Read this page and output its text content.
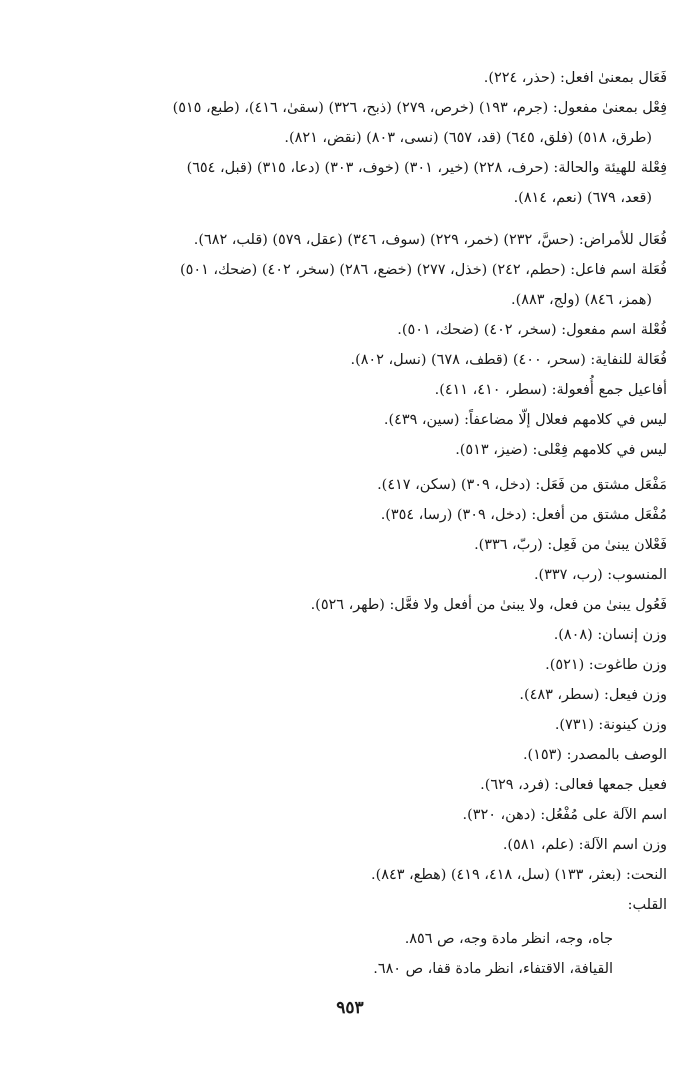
فَعَال بمعنىٰ افعل: (حذر، ٢٢٤).
فِعْل بمعنىٰ مفعول: (جرم، ١٩٣) (خرص، ٢٧٩) (ذبح، ٣٢٦) (سقىٰ، ٤١٦)، (طبع، ٥١٥)
(طرق، ٥١٨) (فلق، ٦٤٥) (قد، ٦٥٧) (نسى، ٨٠٣) (نقض، ٨٢١).
فِعْلة للهيئة والحالة: (حرف، ٢٢٨) (خير، ٣٠١) (خوف، ٣٠٣) (دعا، ٣١٥) (قبل، ٦٥٤)
(قعد، ٦٧٩) (نعم، ٨١٤).
فُعَال للأمراض: (حسَّ، ٢٣٢) (خمر، ٢٢٩) (سوف، ٣٤٦) (عقل، ٥٧٩) (قلب، ٦٨٢).
فُعَلة اسم فاعل: (حطم، ٢٤٢) (خذل، ٢٧٧) (خضع، ٢٨٦) (سخر، ٤٠٢) (ضحك، ٥٠١)
(همز، ٨٤٦) (ولج، ٨٨٣).
فُعْلة اسم مفعول: (سخر، ٤٠٢) (ضحك، ٥٠١).
فُعَالة للنفاية: (سحر، ٤٠٠) (قطف، ٦٧٨) (نسل، ٨٠٢).
أفاعيل جمع أُفعولة: (سطر، ٤١٠، ٤١١).
ليس في كلامهم فعلال إلّا مضاعفاً: (سين، ٤٣٩).
ليس في كلامهم فِعْلى: (ضيز، ٥١٣).
مَفْعَل مشتق من فَعَل: (دخل، ٣٠٩) (سكن، ٤١٧).
مُفْعَل مشتق من أفعل: (دخل، ٣٠٩) (رسا، ٣٥٤).
فَعْلان يبنىٰ من فَعِل: (ربّ، ٣٣٦).
المنسوب: (رب، ٣٣٧).
فَعُول يبنىٰ من فعل، ولا يبنىٰ من أفعل ولا فعَّل: (طهر، ٥٢٦).
وزن إنسان: (٨٠٨).
وزن طاغوت: (٥٢١).
وزن فيعل: (سطر، ٤٨٣).
وزن كينونة: (٧٣١).
الوصف بالمصدر: (١٥٣).
فعيل جمعها فعالى: (فرد، ٦٢٩).
اسم الآلة على مُفْعُل: (دهن، ٣٢٠).
وزن اسم الآلة: (علم، ٥٨١).
النحت: (بعثر، ١٣٣) (سل، ٤١٨، ٤١٩) (هطع، ٨٤٣).
القلب:
جاه، وجه، انظر مادة وجه، ص ٨٥٦.
القيافة، الاقتفاء، انظر مادة قفا، ص ٦٨٠.
٩٥٣
